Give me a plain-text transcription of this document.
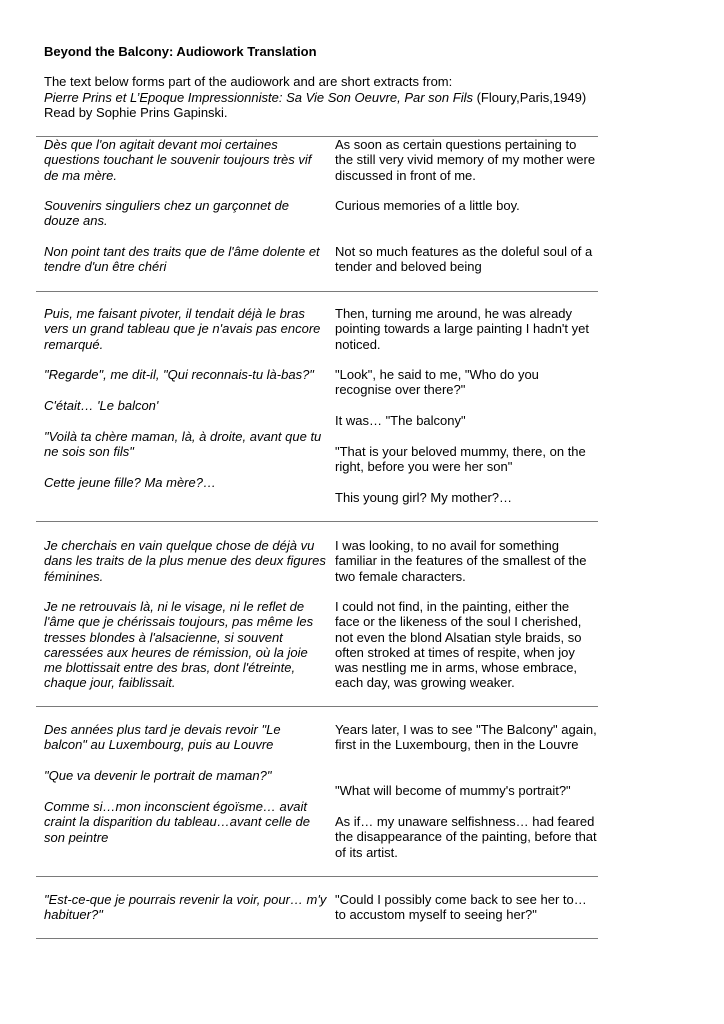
Beyond the Balcony: Audiowork Translation
The text below forms part of the audiowork and are short extracts from:
Pierre Prins et L’Epoque Impressionniste: Sa Vie Son Oeuvre, Par son Fils (Floury,Paris,1949)
Read by Sophie Prins Gapinski.

Dès que l'on agitait devant moi certaines questions touchant le souvenir toujours très vif de ma mère.

Souvenirs singuliers chez un garçonnet de douze ans.

Non point tant des traits que de l'âme dolente et tendre d'un être chéri

As soon as certain questions pertaining to the still very vivid memory of my mother were discussed in front of me.

Curious memories of a little boy.

Not so much features as the doleful soul of a tender and beloved being

Puis, me faisant pivoter, il tendait déjà le bras vers un grand tableau que je n'avais pas encore remarqué.

"Regarde", me dit-il, "Qui reconnais-tu là-bas?"

C'était… 'Le balcon'

"Voilà ta chère maman, là, à droite, avant que tu ne sois son fils"

Cette jeune fille? Ma mère?…

Then, turning me around, he was already pointing towards a large painting I hadn't yet noticed.

"Look", he said to me, "Who do you recognise over there?"

It was… "The balcony"

"That is your beloved mummy, there, on the right, before you were her son"

This young girl? My mother?…

Je cherchais en vain quelque chose de déjà vu dans les traits de la plus menue des deux figures féminines.

Je ne retrouvais là, ni le visage, ni le reflet de l'âme que je chérissais toujours, pas même les tresses blondes à l'alsacienne, si souvent caressées aux heures de rémission, où la joie me blottissait entre des bras, dont l'étreinte, chaque jour, faiblissait.

I was looking, to no avail for something familiar in the features of the smallest of the two female characters.

I could not find, in the painting, either the face or the likeness of the soul I cherished, not even the blond Alsatian style braids, so often stroked at times of respite, when joy was nestling me in arms, whose embrace, each day, was growing weaker.

Des années plus tard je devais revoir "Le balcon" au Luxembourg, puis au Louvre

"Que va devenir le portrait de maman?"

Comme si…mon inconscient égoïsme… avait craint la disparition du tableau…avant celle de son peintre

Years later, I was to see "The Balcony" again, first in the Luxembourg, then in the Louvre

"What will become of mummy's portrait?"

As if… my unaware selfishness… had feared the disappearance of the painting, before that of its artist.

"Est-ce-que je pourrais revenir la voir, pour… m'y habituer?"

"Could I possibly come back to see her to… to accustom myself to seeing her?"
